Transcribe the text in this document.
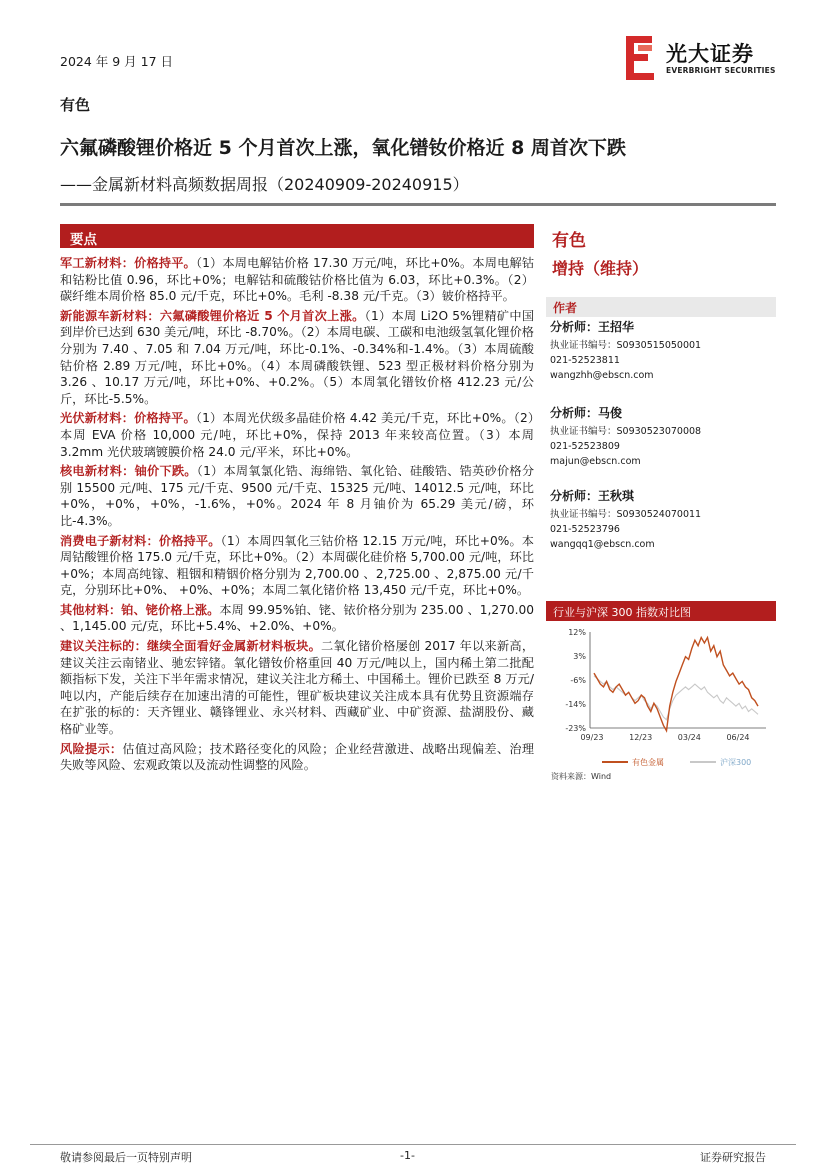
2024 年 9 月 17 日	光大证券
EVERBRIGHT SECURITIES
有色
六氟磷酸锂价格近 5 个月首次上涨，氧化镨钕价格近 8 周首次下跌
——金属新材料高频数据周报（20240909-20240915）
要点

军工新材料：价格持平。（1）本周电解钴价格 17.30 万元/吨，环比+0%。本周电解钴和钴粉比值 0.96，环比+0%；电解钴和硫酸钴价格比值为 6.03，环比+0.3%。（2）碳纤维本周价格 85.0 元/千克，环比+0%。毛利 -8.38 元/千克。（3）铍价格持平。

新能源车新材料：六氟磷酸锂价格近 5 个月首次上涨。（1）本周 Li2O 5%锂精矿中国到岸价已达到 630 美元/吨，环比 -8.70%。（2）本周电碳、工碳和电池级氢氧化锂价格分别为 7.40 、7.05 和 7.04 万元/吨，环比-0.1%、-0.34%和-1.4%。（3）本周硫酸钴价格 2.89 万元/吨，环比+0%。（4）本周磷酸铁锂、523 型正极材料价格分别为 3.26 、10.17 万元/吨，环比+0%、+0.2%。（5）本周氧化镨钕价格 412.23 元/公斤，环比-5.5%。

光伏新材料：价格持平。（1）本周光伏级多晶硅价格 4.42 美元/千克，环比+0%。（2）本周 EVA 价格 10,000 元/吨，环比+0%，保持 2013 年来较高位置。（3）本周 3.2mm 光伏玻璃镀膜价格 24.0 元/平米，环比+0%。

核电新材料：铀价下跌。（1）本周氧氯化锆、海绵锆、氧化铪、硅酸锆、锆英砂价格分别 15500 元/吨、175 元/千克、9500 元/千克、15325 元/吨、14012.5 元/吨，环比+0%，+0%，+0%，-1.6%，+0%。2024 年 8 月铀价为 65.29 美元/磅，环比-4.3%。

消费电子新材料：价格持平。（1）本周四氧化三钴价格 12.15 万元/吨，环比+0%。本周钴酸锂价格 175.0 元/千克，环比+0%。（2）本周碳化硅价格 5,700.00 元/吨，环比 +0%；本周高纯镓、粗铟和精铟价格分别为 2,700.00 、2,725.00 、2,875.00 元/千克，分别环比+0%、 +0%、+0%；本周二氧化锗价格 13,450 元/千克，环比+0%。

其他材料：铂、铑价格上涨。本周 99.95%铂、铑、铱价格分别为 235.00 、1,270.00 、1,145.00 元/克，环比+5.4%、+2.0%、+0%。

建议关注标的：继续全面看好金属新材料板块。二氧化锗价格屡创 2017 年以来新高，建议关注云南锗业、驰宏锌锗。氧化镨钕价格重回 40 万元/吨以上，国内稀土第二批配额指标下发，关注下半年需求情况，建议关注北方稀土、中国稀土。锂价已跌至 8 万元/吨以内，产能后续存在加速出清的可能性，锂矿板块建议关注成本具有优势且资源端存在扩张的标的：天齐锂业、赣锋锂业、永兴材料、西藏矿业、中矿资源、盐湖股份、藏格矿业等。

风险提示：估值过高风险；技术路径变化的风险；企业经营激进、战略出现偏差、治理失败等风险、宏观政策以及流动性调整的风险。

有色
增持（维持）
作者
分析师：王招华
执业证书编号：S0930515050001
021-52523811
wangzhh@ebscn.com
分析师：马俊
执业证书编号：S0930523070008
021-52523809
majun@ebscn.com
分析师：王秋琪
执业证书编号：S0930524070011
021-52523796
wangqq1@ebscn.com
行业与沪深 300 指数对比图
12%
3%
-6%
-14%
-23%
09/23	12/23	03/24	06/24
有色金属	沪深300
资料来源：Wind
敬请参阅最后一页特别声明	-1-	证券研究报告
